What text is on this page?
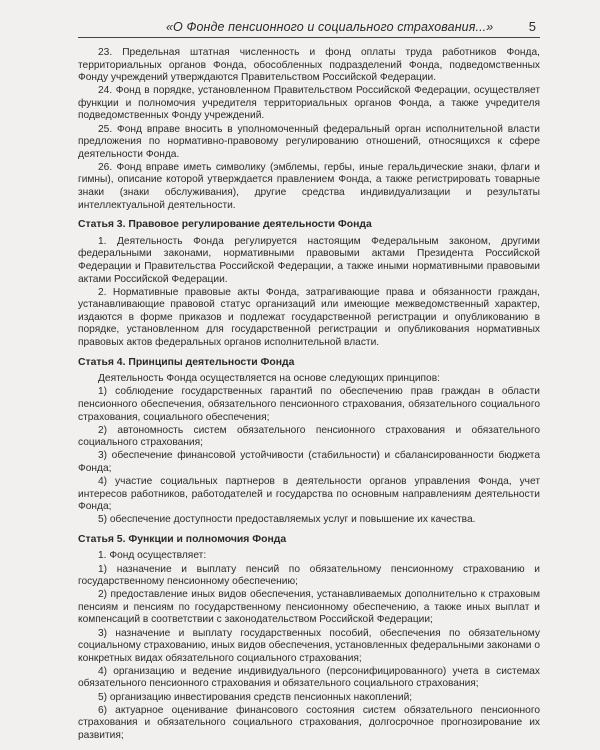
«О Фонде пенсионного и социального страхования...»	5

23. Предельная штатная численность и фонд оплаты труда работников Фонда, территориальных органов Фонда, обособленных подразделений Фонда, подведомственных Фонду учреждений утверждаются Правительством Российской Федерации.

24. Фонд в порядке, установленном Правительством Российской Федерации, осуществляет функции и полномочия учредителя территориальных органов Фонда, а также учредителя подведомственных Фонду учреждений.

25. Фонд вправе вносить в уполномоченный федеральный орган исполнительной власти предложения по нормативно-правовому регулированию отношений, относящихся к сфере деятельности Фонда.

26. Фонд вправе иметь символику (эмблемы, гербы, иные геральдические знаки, флаги и гимны), описание которой утверждается правлением Фонда, а также регистрировать товарные знаки (знаки обслуживания), другие средства индивидуализации и результаты интеллектуальной деятельности.

Статья 3. Правовое регулирование деятельности Фонда

1. Деятельность Фонда регулируется настоящим Федеральным законом, другими федеральными законами, нормативными правовыми актами Президента Российской Федерации и Правительства Российской Федерации, а также иными нормативными правовыми актами Российской Федерации.

2. Нормативные правовые акты Фонда, затрагивающие права и обязанности граждан, устанавливающие правовой статус организаций или имеющие межведомственный характер, издаются в форме приказов и подлежат государственной регистрации и опубликованию в порядке, установленном для государственной регистрации и опубликования нормативных правовых актов федеральных органов исполнительной власти.

Статья 4. Принципы деятельности Фонда

Деятельность Фонда осуществляется на основе следующих принципов:

1) соблюдение государственных гарантий по обеспечению прав граждан в области пенсионного обеспечения, обязательного пенсионного страхования, обязательного социального страхования, социального обеспечения;

2) автономность систем обязательного пенсионного страхования и обязательного социального страхования;

3) обеспечение финансовой устойчивости (стабильности) и сбалансированности бюджета Фонда;

4) участие социальных партнеров в деятельности органов управления Фонда, учет интересов работников, работодателей и государства по основным направлениям деятельности Фонда;

5) обеспечение доступности предоставляемых услуг и повышение их качества.

Статья 5. Функции и полномочия Фонда

1. Фонд осуществляет:

1) назначение и выплату пенсий по обязательному пенсионному страхованию и государственному пенсионному обеспечению;

2) предоставление иных видов обеспечения, устанавливаемых дополнительно к страховым пенсиям и пенсиям по государственному пенсионному обеспечению, а также иных выплат и компенсаций в соответствии с законодательством Российской Федерации;

3) назначение и выплату государственных пособий, обеспечения по обязательному социальному страхованию, иных видов обеспечения, установленных федеральными законами о конкретных видах обязательного социального страхования;

4) организацию и ведение индивидуального (персонифицированного) учета в системах обязательного пенсионного страхования и обязательного социального страхования;

5) организацию инвестирования средств пенсионных накоплений;

6) актуарное оценивание финансового состояния систем обязательного пенсионного страхования и обязательного социального страхования, долгосрочное прогнозирование их развития;
